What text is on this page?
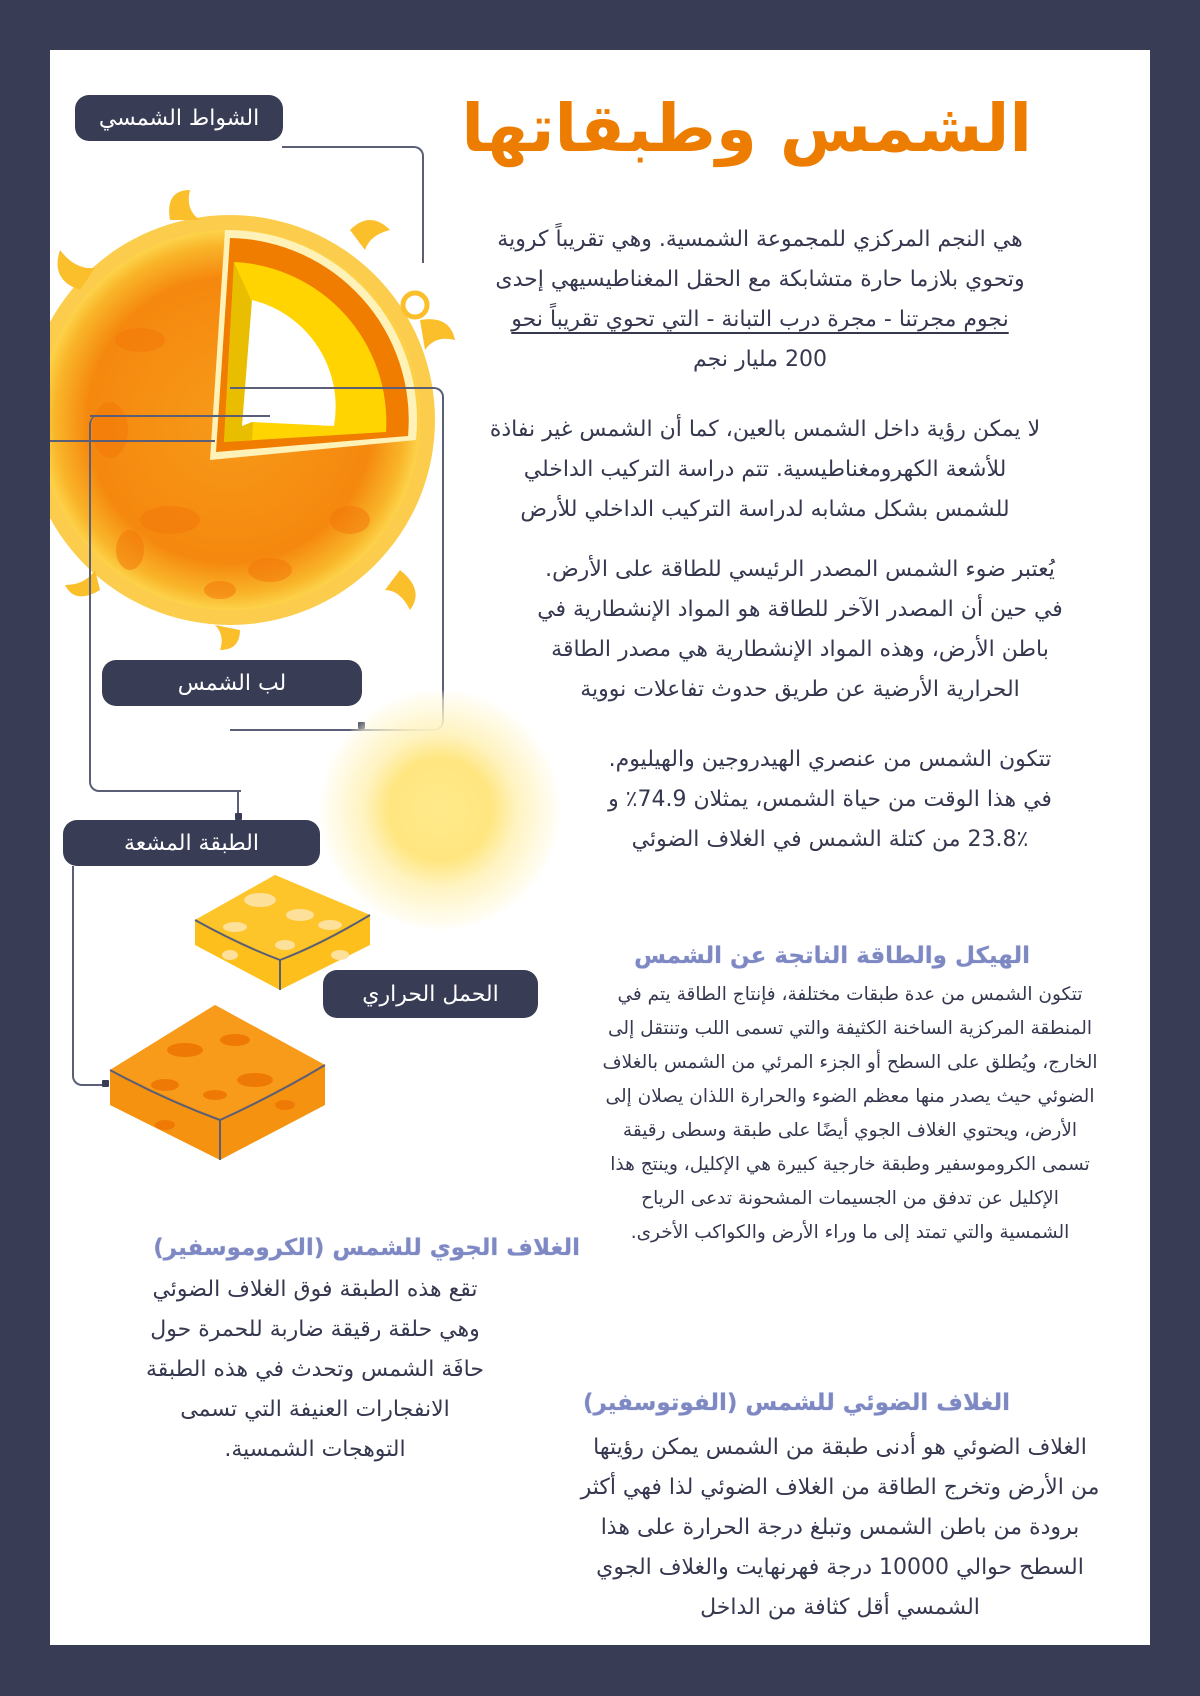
الشمس وطبقاتها
الشواط الشمسي
لب الشمس
الطبقة المشعة
الحمل الحراري
هي النجم المركزي للمجموعة الشمسية. وهي تقريباً كروية
وتحوي بلازما حارة متشابكة مع الحقل المغناطيسيهي إحدى
نجوم مجرتنا - مجرة درب التبانة - التي تحوي تقريباً نحو
200 مليار نجم
لا يمكن رؤية داخل الشمس بالعين، كما أن الشمس غير نفاذة
للأشعة الكهرومغناطيسية. تتم دراسة التركيب الداخلي
للشمس بشكل مشابه لدراسة التركيب الداخلي للأرض
يُعتبر ضوء الشمس المصدر الرئيسي للطاقة على الأرض.
في حين أن المصدر الآخر للطاقة هو المواد الإنشطارية في
باطن الأرض، وهذه المواد الإنشطارية هي مصدر الطاقة
الحرارية الأرضية عن طريق حدوث تفاعلات نووية
تتكون الشمس من عنصري الهيدروجين والهيليوم.
في هذا الوقت من حياة الشمس، يمثلان 74.9٪ و
23.8٪ من كتلة الشمس في الغلاف الضوئي
الهيكل والطاقة الناتجة عن الشمس
تتكون الشمس من عدة طبقات مختلفة، فإنتاج الطاقة يتم في
المنطقة المركزية الساخنة الكثيفة والتي تسمى اللب وتنتقل إلى
الخارج، ويُطلق على السطح أو الجزء المرئي من الشمس بالغلاف
الضوئي حيث يصدر منها معظم الضوء والحرارة اللذان يصلان إلى
الأرض، ويحتوي الغلاف الجوي أيضًا على طبقة وسطى رقيقة
تسمى الكروموسفير وطبقة خارجية كبيرة هي الإكليل، وينتج هذا
الإكليل عن تدفق من الجسيمات المشحونة تدعى الرياح
الشمسية والتي تمتد إلى ما وراء الأرض والكواكب الأخرى.
الغلاف الجوي للشمس (الكروموسفير)
تقع هذه الطبقة فوق الغلاف الضوئي
وهي حلقة رقيقة ضاربة للحمرة حول
حافَة الشمس وتحدث في هذه الطبقة
الانفجارات العنيفة التي تسمى
التوهجات الشمسية.
الغلاف الضوئي للشمس (الفوتوسفير)
الغلاف الضوئي هو أدنى طبقة من الشمس يمكن رؤيتها
من الأرض وتخرج الطاقة من الغلاف الضوئي لذا فهي أكثر
برودة من باطن الشمس وتبلغ درجة الحرارة على هذا
السطح حوالي 10000 درجة فهرنهايت والغلاف الجوي
الشمسي أقل كثافة من الداخل
